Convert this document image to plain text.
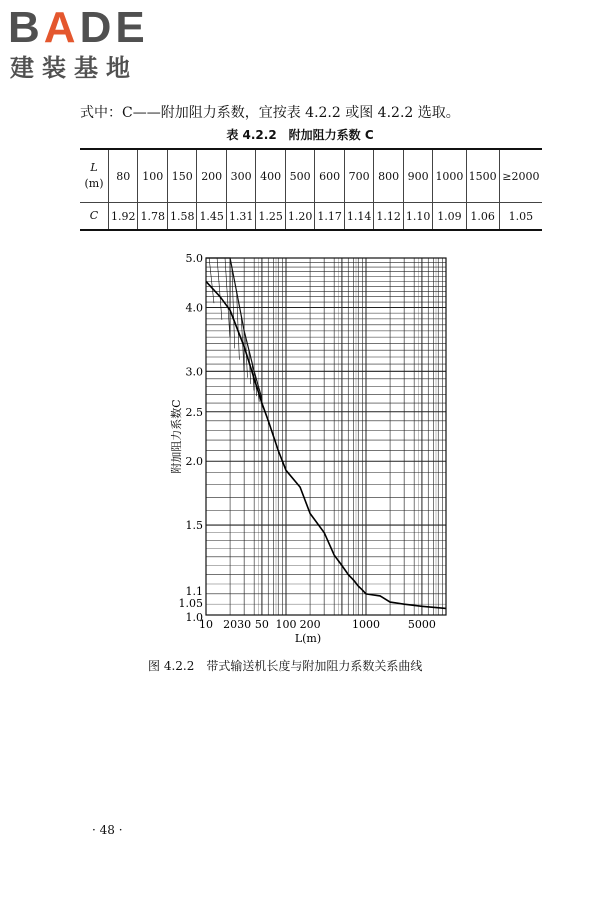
BADE
建装基地
式中：C——附加阻力系数，宜按表 4.2.2 或图 4.2.2 选取。
表 4.2.2　附加阻力系数 C
L
(m)	80	100	150	200	300	400	500	600	700	800	900	1000	1500	≥2000
C	1.92	1.78	1.58	1.45	1.31	1.25	1.20	1.17	1.14	1.12	1.10	1.09	1.06	1.05
10 20 30 50 100 200	1000	5000
1.0
1.05
1.1
1.5
2.0
2.5
3.0
4.0
5.0
L(m)
附加阻力系数C
图 4.2.2　带式输送机长度与附加阻力系数关系曲线
· 48 ·
